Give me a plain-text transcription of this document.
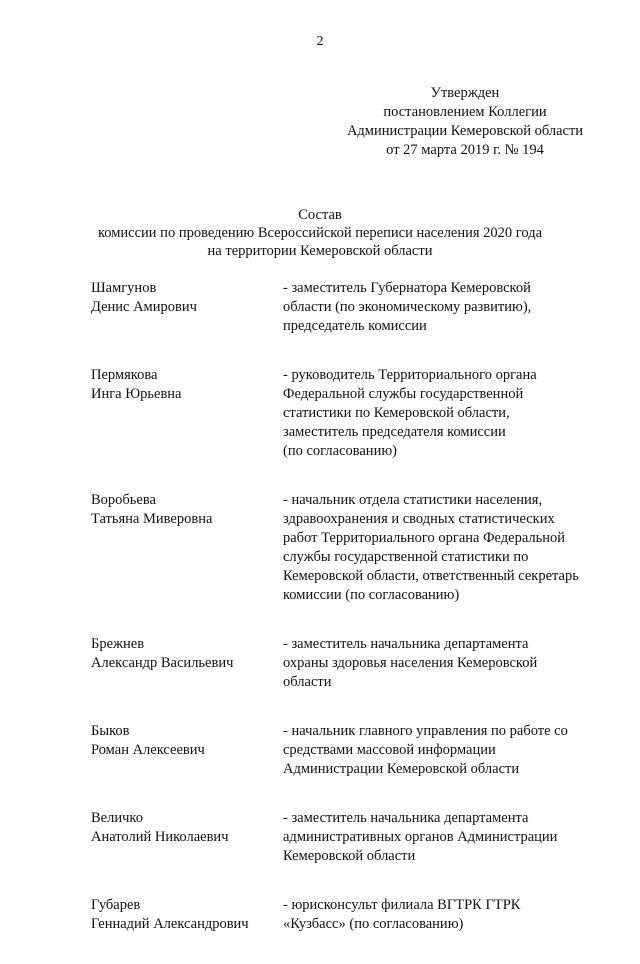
2
Утвержден
постановлением Коллегии
Администрации Кемеровской области
от 27 марта 2019 г. № 194
Состав
комиссии по проведению Всероссийской переписи населения 2020 года
на территории Кемеровской области
Шамгунов
Денис Амирович
- заместитель Губернатора Кемеровской
области (по экономическому развитию),
председатель комиссии
Пермякова
Инга Юрьевна
- руководитель Территориального органа
Федеральной службы государственной
статистики по Кемеровской области,
заместитель председателя комиссии
(по согласованию)
Воробьева
Татьяна Миверовна
- начальник отдела статистики населения,
здравоохранения и сводных статистических
работ Территориального органа Федеральной
службы государственной статистики по
Кемеровской области, ответственный секретарь
комиссии (по согласованию)
Брежнев
Александр Васильевич
- заместитель начальника департамента
охраны здоровья населения Кемеровской
области
Быков
Роман Алексеевич
- начальник главного управления по работе со
средствами массовой информации
Администрации Кемеровской области
Величко
Анатолий Николаевич
- заместитель начальника департамента
административных органов Администрации
Кемеровской области
Губарев
Геннадий Александрович
- юрисконсульт филиала ВГТРК ГТРК
«Кузбасс» (по согласованию)
